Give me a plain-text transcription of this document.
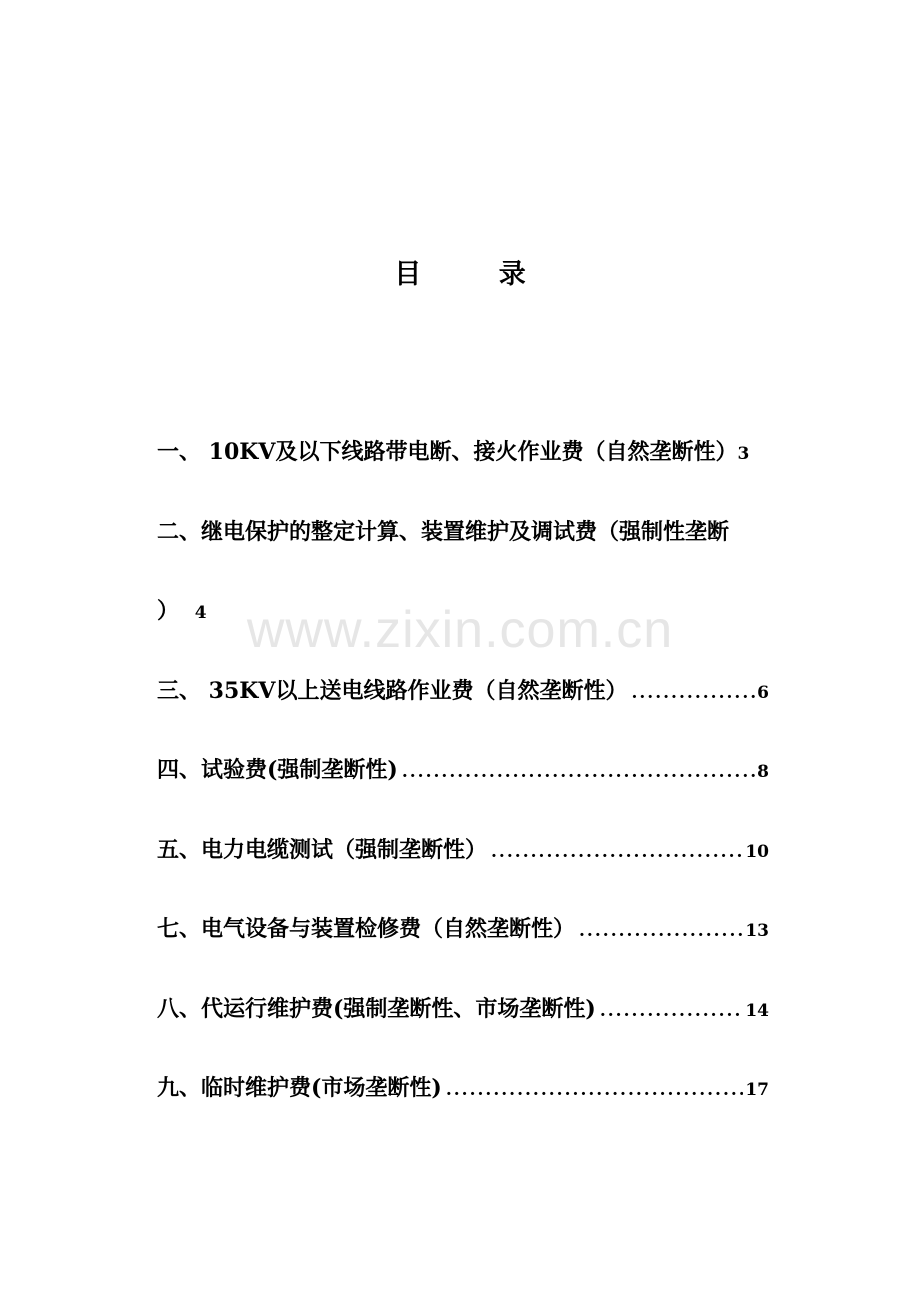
目 录
www.zixin.com.cn
一、 10KV及以下线路带电断、接火作业费（自然垄断性）3
二、继电保护的整定计算、装置维护及调试费（强制性垄断
） 4
三、 35KV以上送电线路作业费（自然垄断性） .....	6
四、试验费(强制垄断性) .....	8
五、电力电缆测试（强制垄断性） .....	10
七、电气设备与装置检修费（自然垄断性） .....	13
八、代运行维护费(强制垄断性、市场垄断性) .....	14
九、临时维护费(市场垄断性) .....	17
